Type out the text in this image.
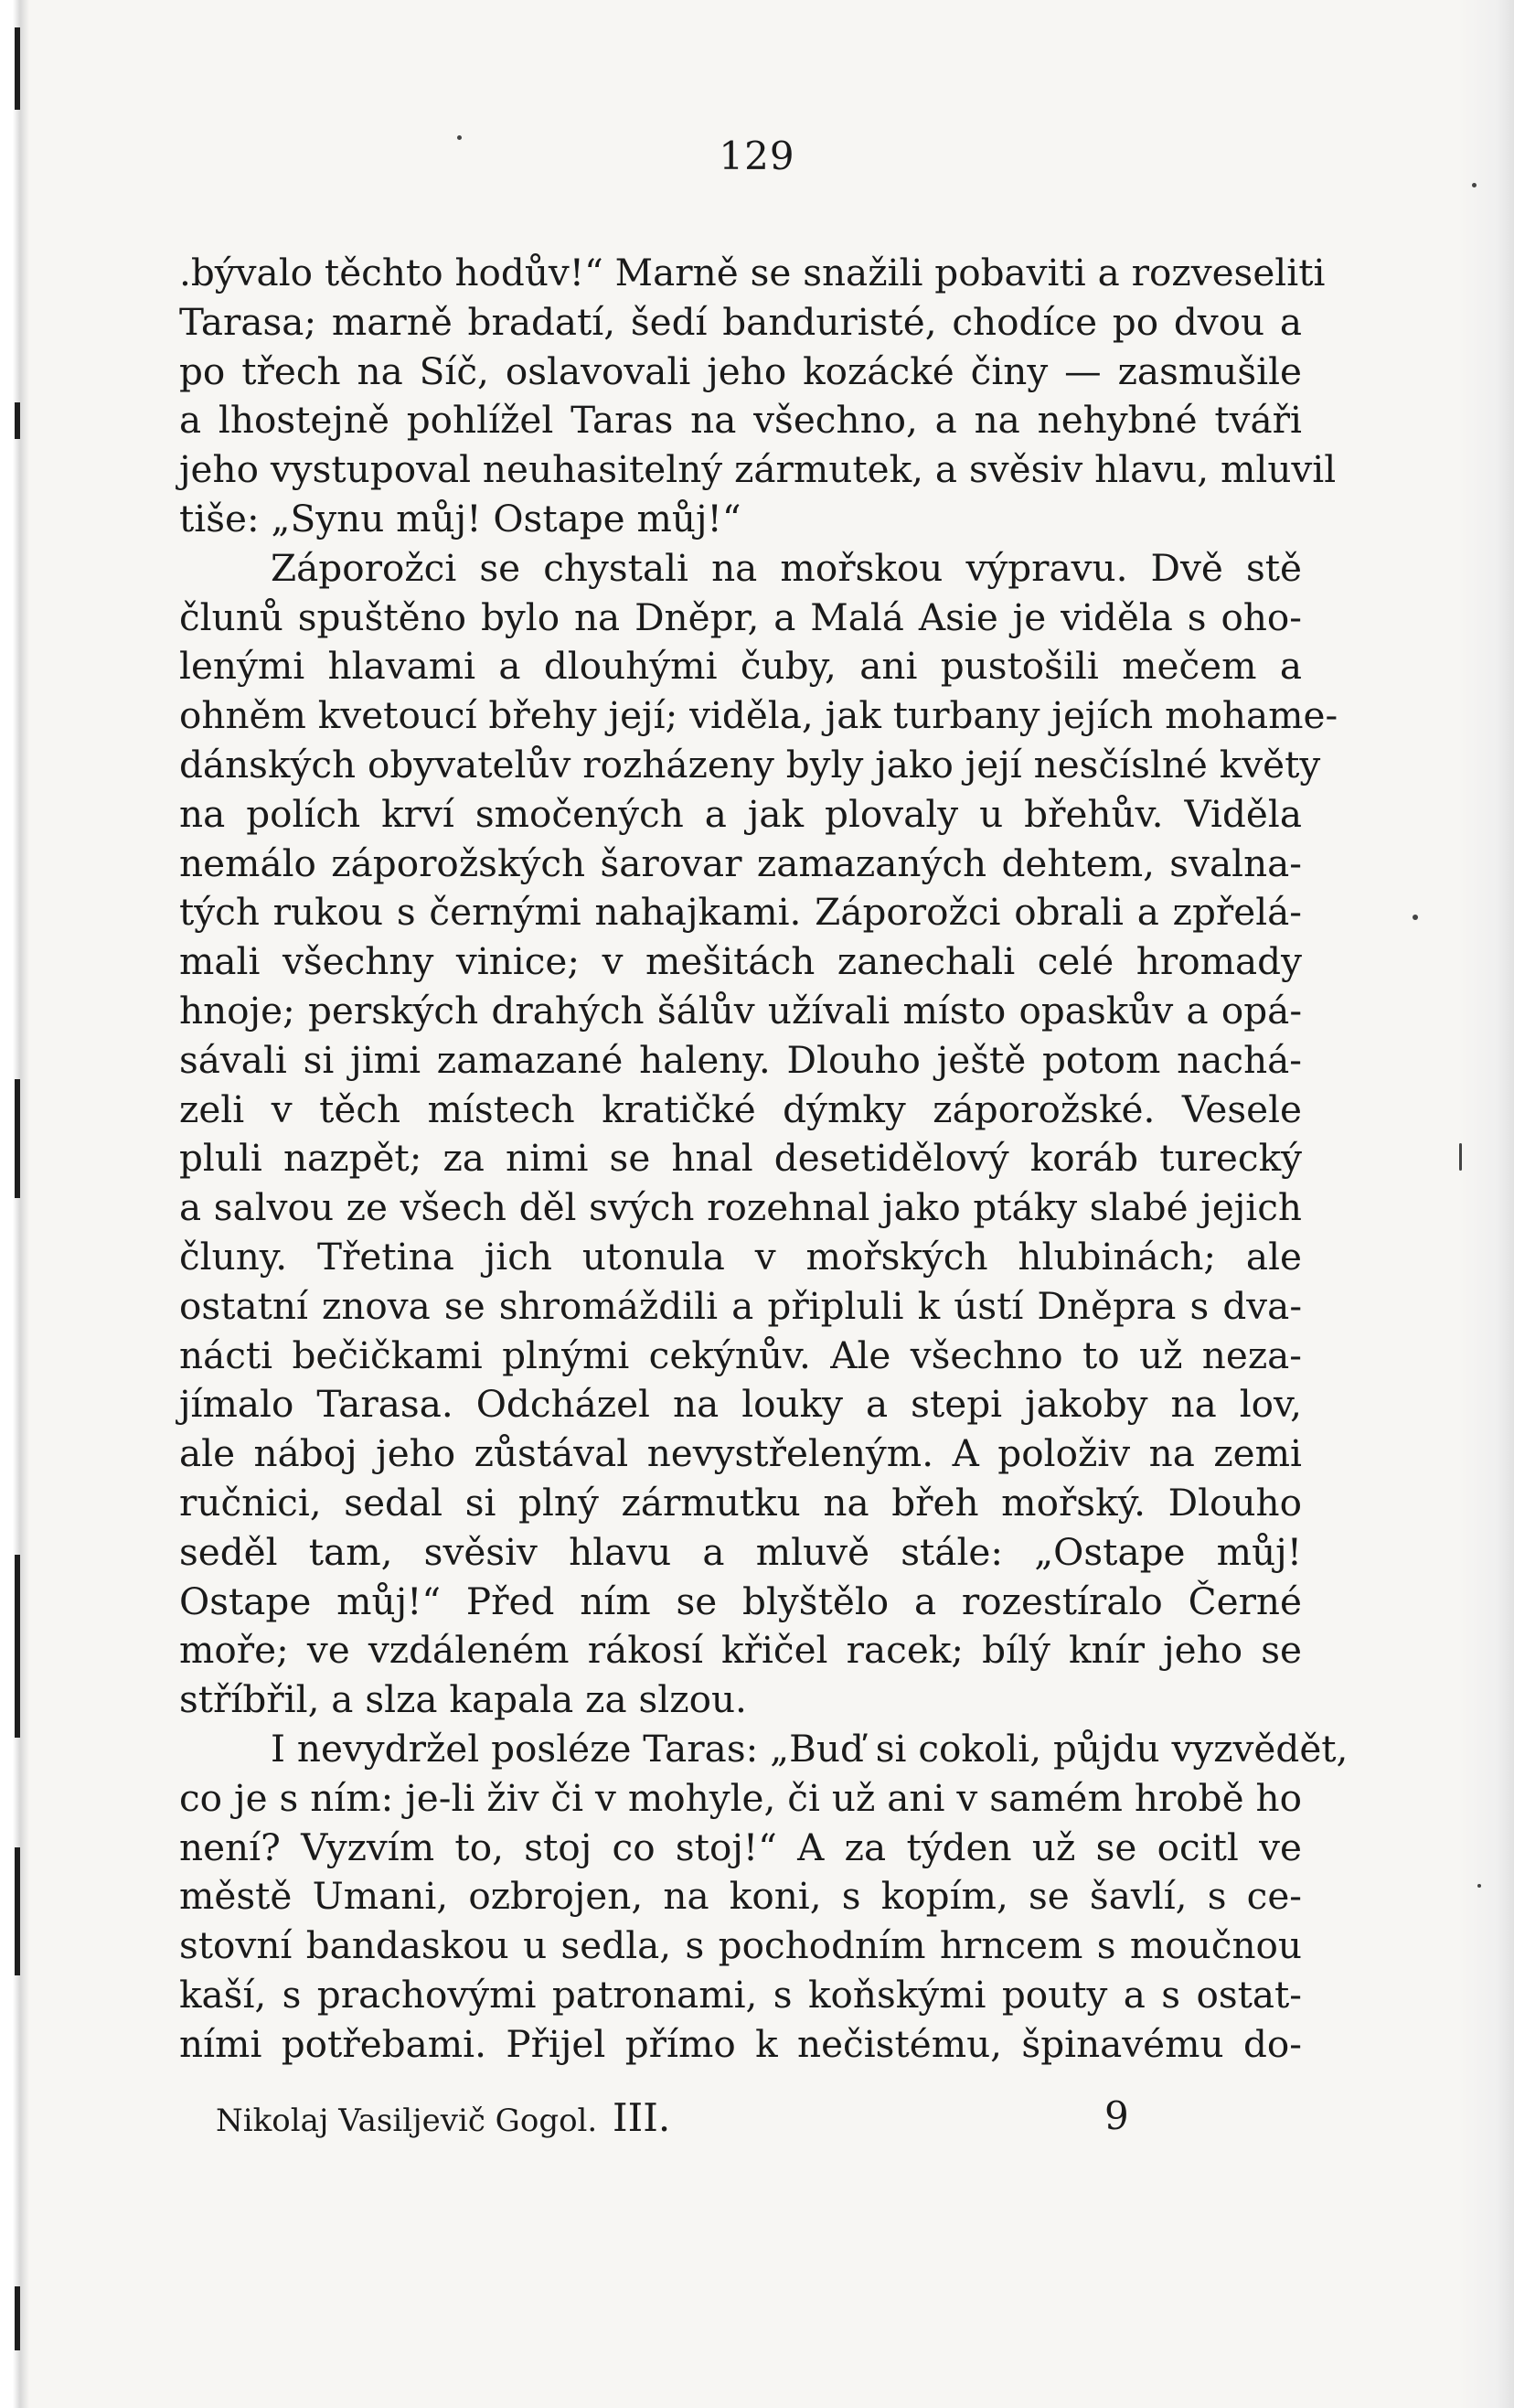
129
.bývalo těchto hodův!“ Marně se snažili pobaviti a rozveseliti
Tarasa; marně bradatí, šedí banduristé, chodíce po dvou a
po třech na Síč, oslavovali jeho kozácké činy — zasmušile
a lhostejně pohlížel Taras na všechno, a na nehybné tváři
jeho vystupoval neuhasitelný zármutek, a svěsiv hlavu, mluvil
tiše: „Synu můj! Ostape můj!“
Záporožci se chystali na mořskou výpravu. Dvě stě
člunů spuštěno bylo na Dněpr, a Malá Asie je viděla s oho-
lenými hlavami a dlouhými čuby, ani pustošili mečem a
ohněm kvetoucí břehy její; viděla, jak turbany jejích mohame-
dánských obyvatelův rozházeny byly jako její nesčíslné květy
na polích krví smočených a jak plovaly u břehův. Viděla
nemálo záporožských šarovar zamazaných dehtem, svalna-
tých rukou s černými nahajkami. Záporožci obrali a zpřelá-
mali všechny vinice; v mešitách zanechali celé hromady
hnoje; perských drahých šálův užívali místo opaskův a opá-
sávali si jimi zamazané haleny. Dlouho ještě potom nachá-
zeli v těch místech kratičké dýmky záporožské. Vesele
pluli nazpět; za nimi se hnal desetidělový koráb turecký
a salvou ze všech děl svých rozehnal jako ptáky slabé jejich
čluny. Třetina jich utonula v mořských hlubinách; ale
ostatní znova se shromáždili a připluli k ústí Dněpra s dva-
nácti bečičkami plnými cekýnův. Ale všechno to už neza-
jímalo Tarasa. Odcházel na louky a stepi jakoby na lov,
ale náboj jeho zůstával nevystřeleným. A položiv na zemi
ručnici, sedal si plný zármutku na břeh mořský. Dlouho
seděl tam, svěsiv hlavu a mluvě stále: „Ostape můj!
Ostape můj!“ Před ním se blyštělo a rozestíralo Černé
moře; ve vzdáleném rákosí křičel racek; bílý knír jeho se
stříbřil, a slza kapala za slzou.
I nevydržel posléze Taras: „Buď si cokoli, půjdu vyzvědět,
co je s ním: je-li živ či v mohyle, či už ani v samém hrobě ho
není? Vyzvím to, stoj co stoj!“ A za týden už se ocitl ve
městě Umani, ozbrojen, na koni, s kopím, se šavlí, s ce-
stovní bandaskou u sedla, s pochodním hrncem s moučnou
kaší, s prachovými patronami, s koňskými pouty a s ostat-
ními potřebami. Přijel přímo k nečistému, špinavému do-
Nikolaj Vasiljevič Gogol. III.	9
